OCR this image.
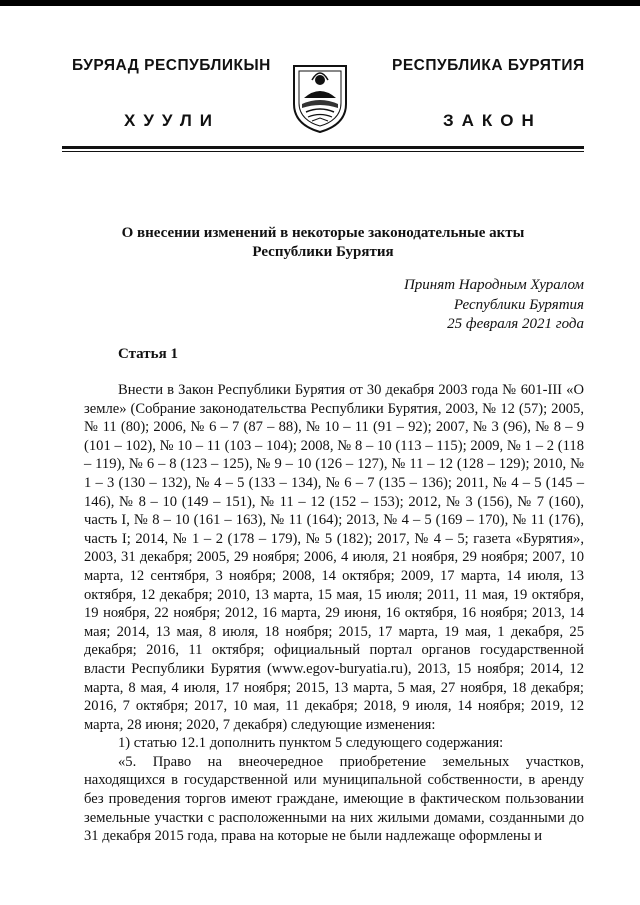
БУРЯАД РЕСПУБЛИКЫН
ХУУЛИ
РЕСПУБЛИКА БУРЯТИЯ
ЗАКОН
О внесении изменений в некоторые законодательные акты
Республики Бурятия
Принят Народным Хуралом
Республики Бурятия
25 февраля 2021 года
Статья 1

Внести в Закон Республики Бурятия от 30 декабря 2003 года № 601-III «О земле» (Собрание законодательства Республики Бурятия, 2003, № 12 (57); 2005, № 11 (80); 2006, № 6 – 7 (87 – 88), № 10 – 11 (91 – 92); 2007, № 3 (96), № 8 – 9 (101 – 102), № 10 – 11 (103 – 104); 2008, № 8 – 10 (113 – 115); 2009, № 1 – 2 (118 – 119), № 6 – 8 (123 – 125), № 9 – 10 (126 – 127), № 11 – 12 (128 – 129); 2010, № 1 – 3 (130 – 132), № 4 – 5 (133 – 134), № 6 – 7 (135 – 136); 2011, № 4 – 5 (145 – 146), № 8 – 10 (149 – 151), № 11 – 12 (152 – 153); 2012, № 3 (156), № 7 (160), часть I, № 8 – 10 (161 – 163), № 11 (164); 2013, № 4 – 5 (169 – 170), № 11 (176), часть I; 2014, № 1 – 2 (178 – 179), № 5 (182); 2017, № 4 – 5; газета «Бурятия», 2003, 31 декабря; 2005, 29 ноября; 2006, 4 июля, 21 ноября, 29 ноября; 2007, 10 марта, 12 сентября, 3 ноября; 2008, 14 октября; 2009, 17 марта, 14 июля, 13 октября, 12 декабря; 2010, 13 марта, 15 мая, 15 июля; 2011, 11 мая, 19 октября, 19 ноября, 22 ноября; 2012, 16 марта, 29 июня, 16 октября, 16 ноября; 2013, 14 мая; 2014, 13 мая, 8 июля, 18 ноября; 2015, 17 марта, 19 мая, 1 декабря, 25 декабря; 2016, 11 октября; официальный портал органов государственной власти Республики Бурятия (www.egov-buryatia.ru), 2013, 15 ноября; 2014, 12 марта, 8 мая, 4 июля, 17 ноября; 2015, 13 марта, 5 мая, 27 ноября, 18 декабря; 2016, 7 октября; 2017, 10 мая, 11 декабря; 2018, 9 июля, 14 ноября; 2019, 12 марта, 28 июня; 2020, 7 декабря) следующие изменения:

1) статью 12.1 дополнить пунктом 5 следующего содержания:

«5. Право на внеочередное приобретение земельных участков, находящихся в государственной или муниципальной собственности, в аренду без проведения торгов имеют граждане, имеющие в фактическом пользовании земельные участки с расположенными на них жилыми домами, созданными до 31 декабря 2015 года, права на которые не были надлежаще оформлены и
